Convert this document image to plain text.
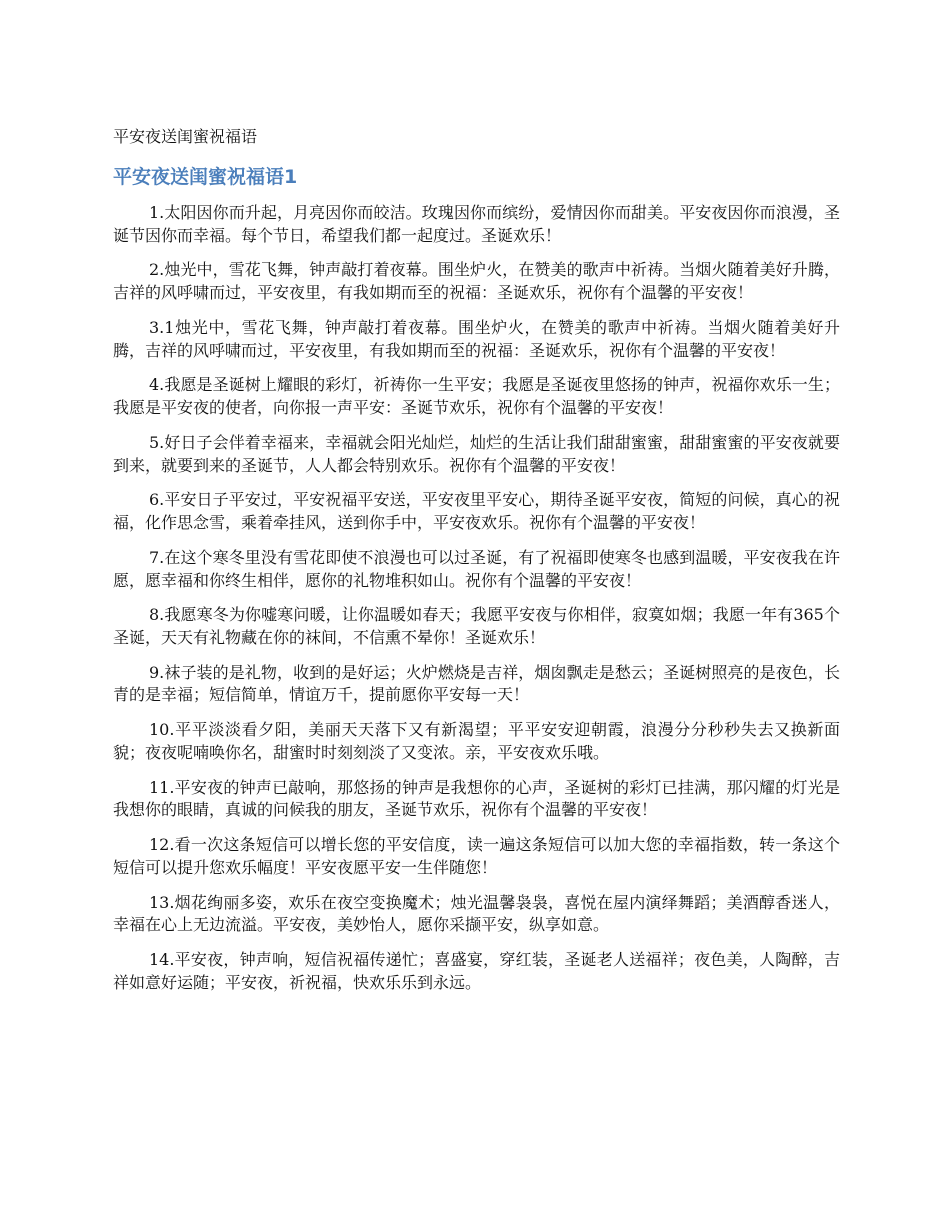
平安夜送闺蜜祝福语
平安夜送闺蜜祝福语1

1.太阳因你而升起，月亮因你而皎洁。玫瑰因你而缤纷，爱情因你而甜美。平安夜因你而浪漫，圣诞节因你而幸福。每个节日，希望我们都一起度过。圣诞欢乐！

2.烛光中，雪花飞舞，钟声敲打着夜幕。围坐炉火，在赞美的歌声中祈祷。当烟火随着美好升腾，吉祥的风呼啸而过，平安夜里，有我如期而至的祝福：圣诞欢乐，祝你有个温馨的平安夜！

3.1烛光中，雪花飞舞，钟声敲打着夜幕。围坐炉火，在赞美的歌声中祈祷。当烟火随着美好升腾，吉祥的风呼啸而过，平安夜里，有我如期而至的祝福：圣诞欢乐，祝你有个温馨的平安夜！

4.我愿是圣诞树上耀眼的彩灯，祈祷你一生平安；我愿是圣诞夜里悠扬的钟声，祝福你欢乐一生；我愿是平安夜的使者，向你报一声平安：圣诞节欢乐，祝你有个温馨的平安夜！

5.好日子会伴着幸福来，幸福就会阳光灿烂，灿烂的生活让我们甜甜蜜蜜，甜甜蜜蜜的平安夜就要到来，就要到来的圣诞节，人人都会特别欢乐。祝你有个温馨的平安夜！

6.平安日子平安过，平安祝福平安送，平安夜里平安心，期待圣诞平安夜，简短的问候，真心的祝福，化作思念雪，乘着牵挂风，送到你手中，平安夜欢乐。祝你有个温馨的平安夜！

7.在这个寒冬里没有雪花即使不浪漫也可以过圣诞，有了祝福即使寒冬也感到温暖，平安夜我在许愿，愿幸福和你终生相伴，愿你的礼物堆积如山。祝你有个温馨的平安夜！

8.我愿寒冬为你嘘寒问暖，让你温暖如春天；我愿平安夜与你相伴，寂寞如烟；我愿一年有365个圣诞，天天有礼物藏在你的袜间，不信熏不晕你！圣诞欢乐！

9.袜子装的是礼物，收到的是好运；火炉燃烧是吉祥，烟囱飘走是愁云；圣诞树照亮的是夜色，长青的是幸福；短信简单，情谊万千，提前愿你平安每一天！

10.平平淡淡看夕阳，美丽天天落下又有新渴望；平平安安迎朝霞，浪漫分分秒秒失去又换新面貌；夜夜呢喃唤你名，甜蜜时时刻刻淡了又变浓。亲，平安夜欢乐哦。

11.平安夜的钟声已敲响，那悠扬的钟声是我想你的心声，圣诞树的彩灯已挂满，那闪耀的灯光是我想你的眼睛，真诚的问候我的朋友，圣诞节欢乐，祝你有个温馨的平安夜！

12.看一次这条短信可以增长您的平安信度，读一遍这条短信可以加大您的幸福指数，转一条这个短信可以提升您欢乐幅度！平安夜愿平安一生伴随您！

13.烟花绚丽多姿，欢乐在夜空变换魔术；烛光温馨袅袅，喜悦在屋内演绎舞蹈；美酒醇香迷人，幸福在心上无边流溢。平安夜，美妙怡人，愿你采撷平安，纵享如意。

14.平安夜，钟声响，短信祝福传递忙；喜盛宴，穿红装，圣诞老人送福祥；夜色美，人陶醉，吉祥如意好运随；平安夜，祈祝福，快欢乐乐到永远。
